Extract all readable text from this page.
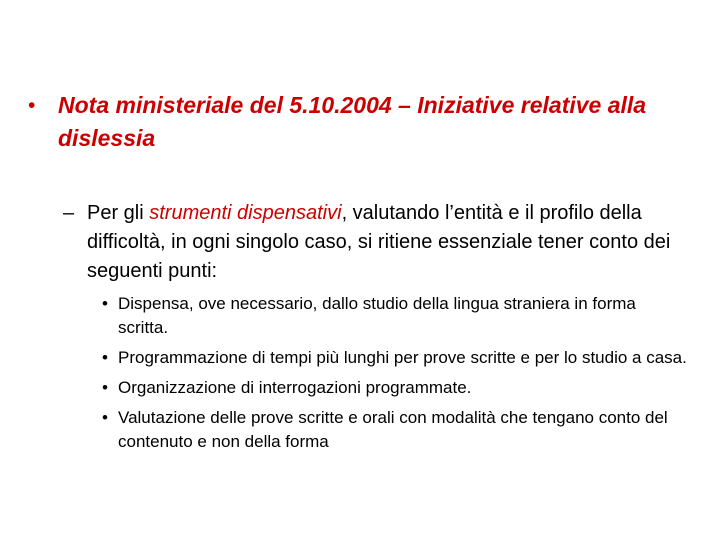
• Nota ministeriale del 5.10.2004 – Iniziative relative alla dislessia
– Per gli strumenti dispensativi, valutando l’entità e il profilo della difficoltà, in ogni singolo caso, si ritiene essenziale tener conto dei seguenti punti:
• Dispensa, ove necessario, dallo studio della lingua straniera in forma scritta.
• Programmazione di tempi più lunghi per prove scritte e per lo studio a casa.
• Organizzazione di interrogazioni programmate.
• Valutazione delle prove scritte e orali con modalità che tengano conto del contenuto e non della forma
